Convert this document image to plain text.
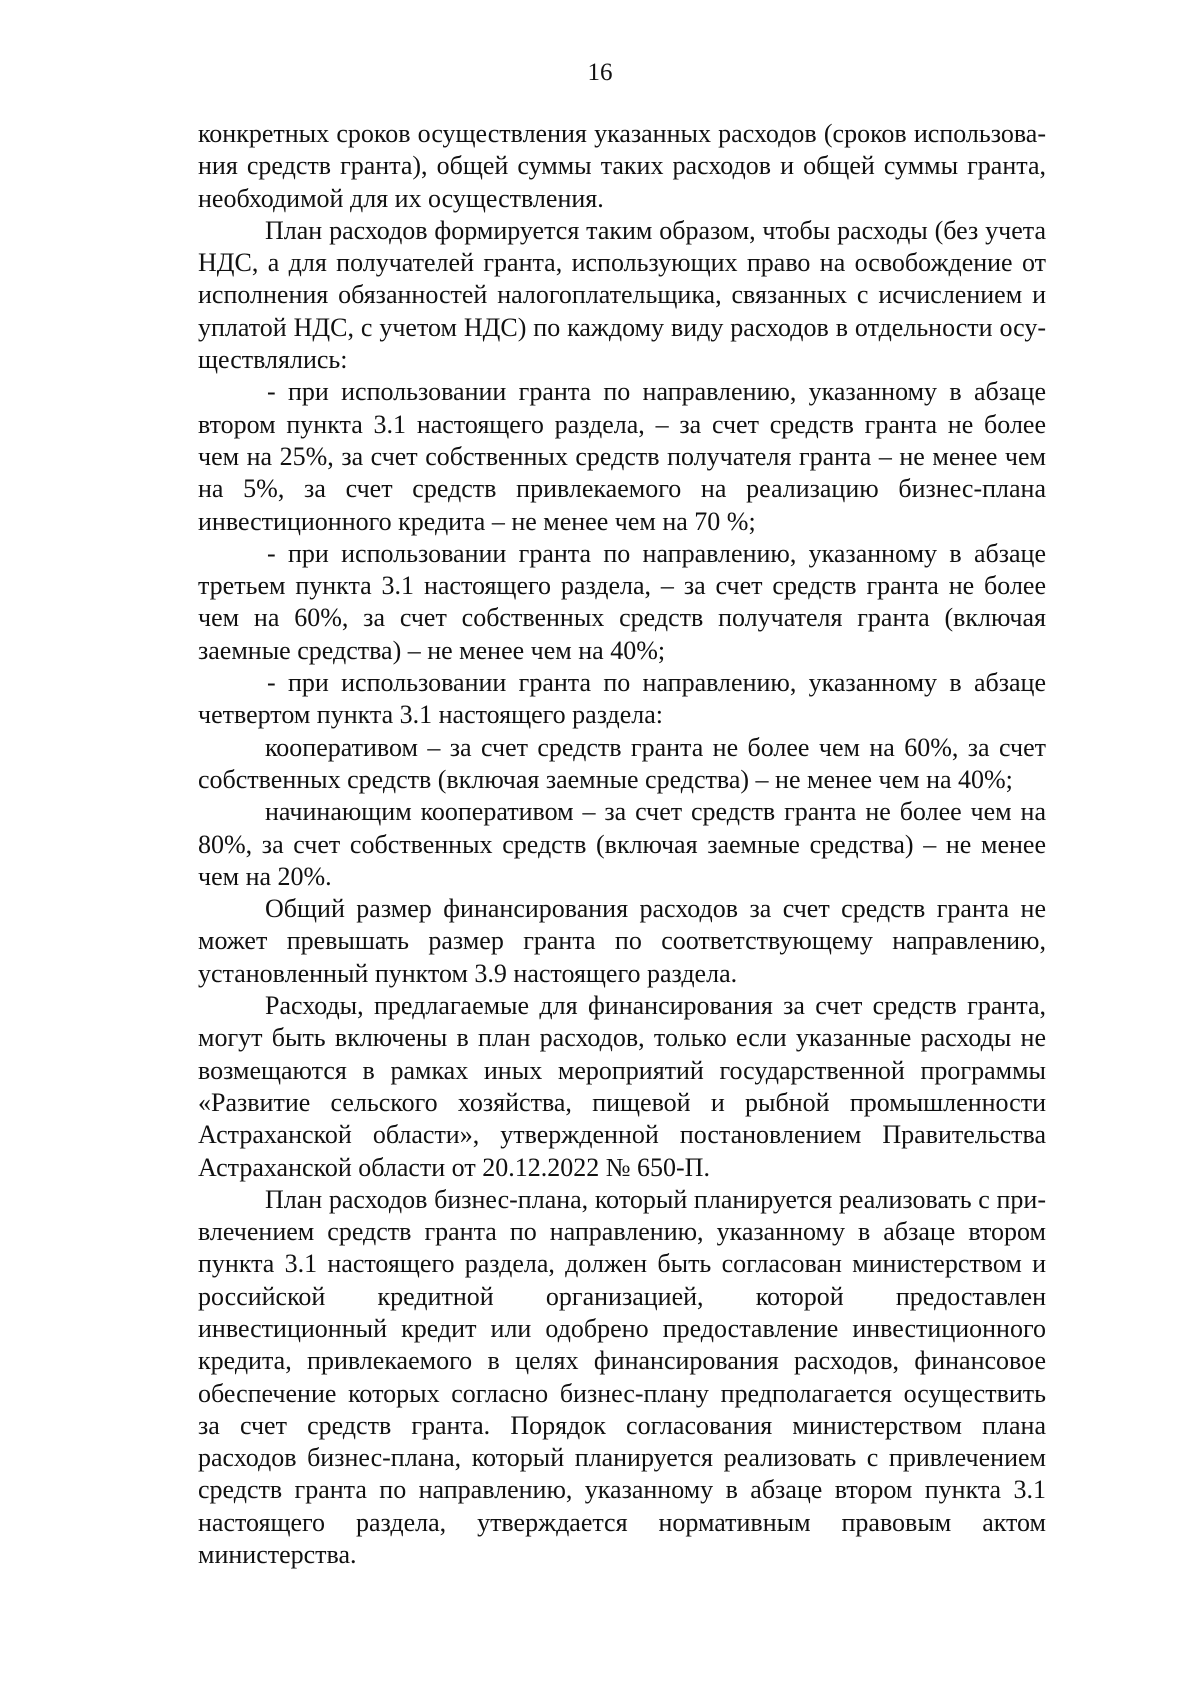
16

конкретных сроков осуществления указанных расходов (сроков использования средств гранта), общей суммы таких расходов и общей суммы гранта, необходимой для их осуществления.

План расходов формируется таким образом, чтобы расходы (без учета НДС, а для получателей гранта, использующих право на освобождение от исполнения обязанностей налогоплательщика, связанных с исчислением и уплатой НДС, с учетом НДС) по каждому виду расходов в отдельности осуществлялись:

- при использовании гранта по направлению, указанному в абзаце втором пункта 3.1 настоящего раздела, – за счет средств гранта не более чем на 25%, за счет собственных средств получателя гранта – не менее чем на 5%, за счет средств привлекаемого на реализацию бизнес-плана инвестиционного кредита – не менее чем на 70 %;

- при использовании гранта по направлению, указанному в абзаце третьем пункта 3.1 настоящего раздела, – за счет средств гранта не более чем на 60%, за счет собственных средств получателя гранта (включая заемные средства) – не менее чем на 40%;

- при использовании гранта по направлению, указанному в абзаце четвертом пункта 3.1 настоящего раздела:

кооперативом – за счет средств гранта не более чем на 60%, за счет собственных средств (включая заемные средства) – не менее чем на 40%;

начинающим кооперативом – за счет средств гранта не более чем на 80%, за счет собственных средств (включая заемные средства) – не менее чем на 20%.

Общий размер финансирования расходов за счет средств гранта не может превышать размер гранта по соответствующему направлению, установленный пунктом 3.9 настоящего раздела.

Расходы, предлагаемые для финансирования за счет средств гранта, могут быть включены в план расходов, только если указанные расходы не возмещаются в рамках иных мероприятий государственной программы «Развитие сельского хозяйства, пищевой и рыбной промышленности Астраханской области», утвержденной постановлением Правительства Астраханской области от 20.12.2022 № 650-П.

План расходов бизнес-плана, который планируется реализовать с привлечением средств гранта по направлению, указанному в абзаце втором пункта 3.1 настоящего раздела, должен быть согласован министерством и российской кредитной организацией, которой предоставлен инвестиционный кредит или одобрено предоставление инвестиционного кредита, привлекаемого в целях финансирования расходов, финансовое обеспечение которых согласно бизнес-плану предполагается осуществить за счет средств гранта. Порядок согласования министерством плана расходов бизнес-плана, который планируется реализовать с привлечением средств гранта по направлению, указанному в абзаце втором пункта 3.1 настоящего раздела, утверждается нормативным правовым актом министерства.
